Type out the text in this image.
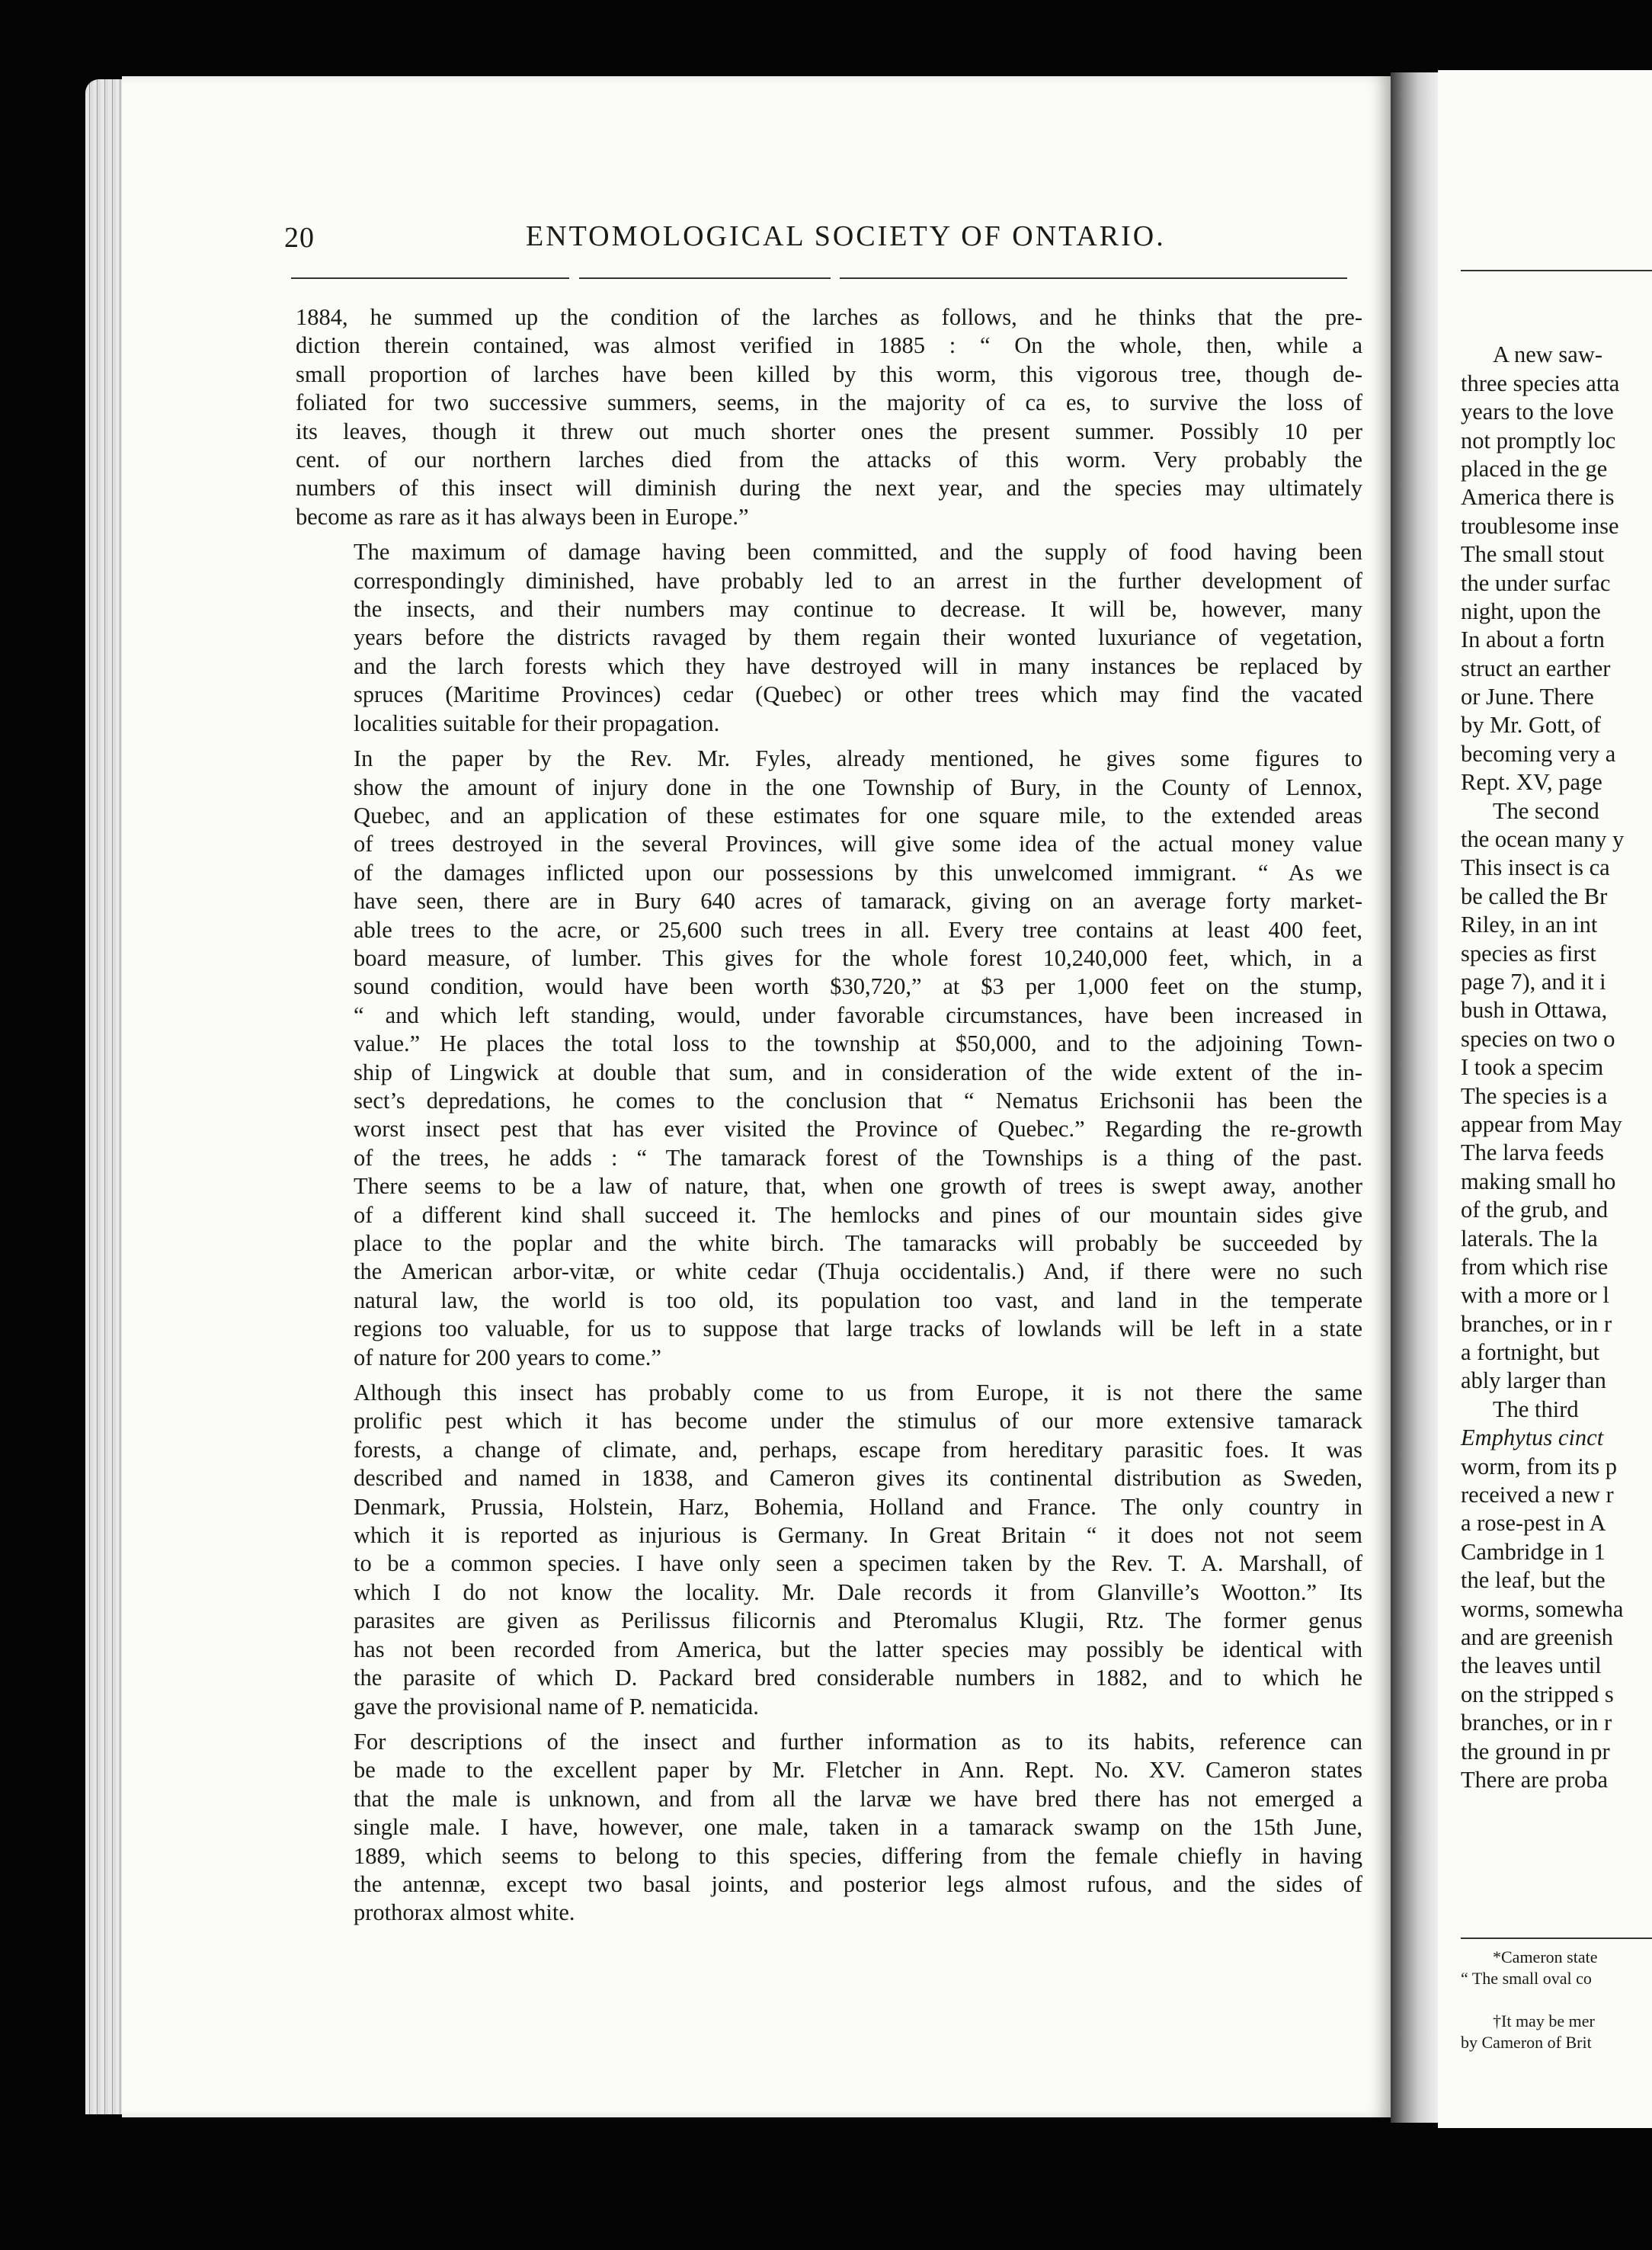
A new saw-
three species atta
years to the love
not promptly loc
placed in the ge
America there is
troublesome inse
The small stout
the under surfac
night, upon the
In about a fortn
struct an earther
or June. There
by Mr. Gott, of
becoming very a
Rept. XV, page
The second
the ocean many y
This insect is ca
be called the Br
Riley, in an int
species as first
page 7), and it i
bush in Ottawa,
species on two o
I took a specim
The species is a
appear from May
The larva feeds
making small ho
of the grub, and
laterals. The la
from which rise
with a more or l
branches, or in r
a fortnight, but
ably larger than
The third
Emphytus cinct
worm, from its p
received a new r
a rose-pest in A
Cambridge in 1
the leaf, but the
worms, somewha
and are greenish
the leaves until
on the stripped s
branches, or in r
the ground in pr
There are proba
*Cameron state
“ The small oval co
†It may be mer
by Cameron of Brit
20	ENTOMOLOGICAL SOCIETY OF ONTARIO.

1884, he summed up the condition of the larches as follows, and he thinks that the pre-
diction therein contained, was almost verified in 1885 : “ On the whole, then, while a
small proportion of larches have been killed by this worm, this vigorous tree, though de-
foliated for two successive summers, seems, in the majority of ca es, to survive the loss of
its leaves, though it threw out much shorter ones the present summer. Possibly 10 per
cent. of our northern larches died from the attacks of this worm. Very probably the
numbers of this insect will diminish during the next year, and the species may ultimately
become as rare as it has always been in Europe.”

The maximum of damage having been committed, and the supply of food having been
correspondingly diminished, have probably led to an arrest in the further development of
the insects, and their numbers may continue to decrease. It will be, however, many
years before the districts ravaged by them regain their wonted luxuriance of vegetation,
and the larch forests which they have destroyed will in many instances be replaced by
spruces (Maritime Provinces) cedar (Quebec) or other trees which may find the vacated
localities suitable for their propagation.

In the paper by the Rev. Mr. Fyles, already mentioned, he gives some figures to
show the amount of injury done in the one Township of Bury, in the County of Lennox,
Quebec, and an application of these estimates for one square mile, to the extended areas
of trees destroyed in the several Provinces, will give some idea of the actual money value
of the damages inflicted upon our possessions by this unwelcomed immigrant. “ As we
have seen, there are in Bury 640 acres of tamarack, giving on an average forty market-
able trees to the acre, or 25,600 such trees in all. Every tree contains at least 400 feet,
board measure, of lumber. This gives for the whole forest 10,240,000 feet, which, in a
sound condition, would have been worth $30,720,” at $3 per 1,000 feet on the stump,
“ and which left standing, would, under favorable circumstances, have been increased in
value.” He places the total loss to the township at $50,000, and to the adjoining Town-
ship of Lingwick at double that sum, and in consideration of the wide extent of the in-
sect’s depredations, he comes to the conclusion that “ Nematus Erichsonii has been the
worst insect pest that has ever visited the Province of Quebec.” Regarding the re-growth
of the trees, he adds : “ The tamarack forest of the Townships is a thing of the past.
There seems to be a law of nature, that, when one growth of trees is swept away, another
of a different kind shall succeed it. The hemlocks and pines of our mountain sides give
place to the poplar and the white birch. The tamaracks will probably be succeeded by
the American arbor-vitæ, or white cedar (Thuja occidentalis.) And, if there were no such
natural law, the world is too old, its population too vast, and land in the temperate
regions too valuable, for us to suppose that large tracks of lowlands will be left in a state
of nature for 200 years to come.”

Although this insect has probably come to us from Europe, it is not there the same
prolific pest which it has become under the stimulus of our more extensive tamarack
forests, a change of climate, and, perhaps, escape from hereditary parasitic foes. It was
described and named in 1838, and Cameron gives its continental distribution as Sweden,
Denmark, Prussia, Holstein, Harz, Bohemia, Holland and France. The only country in
which it is reported as injurious is Germany. In Great Britain “ it does not not seem
to be a common species. I have only seen a specimen taken by the Rev. T. A. Marshall, of
which I do not know the locality. Mr. Dale records it from Glanville’s Wootton.” Its
parasites are given as Perilissus filicornis and Pteromalus Klugii, Rtz. The former genus
has not been recorded from America, but the latter species may possibly be identical with
the parasite of which D. Packard bred considerable numbers in 1882, and to which he
gave the provisional name of P. nematicida.

For descriptions of the insect and further information as to its habits, reference can
be made to the excellent paper by Mr. Fletcher in Ann. Rept. No. XV. Cameron states
that the male is unknown, and from all the larvæ we have bred there has not emerged a
single male. I have, however, one male, taken in a tamarack swamp on the 15th June,
1889, which seems to belong to this species, differing from the female chiefly in having
the antennæ, except two basal joints, and posterior legs almost rufous, and the sides of
prothorax almost white.
